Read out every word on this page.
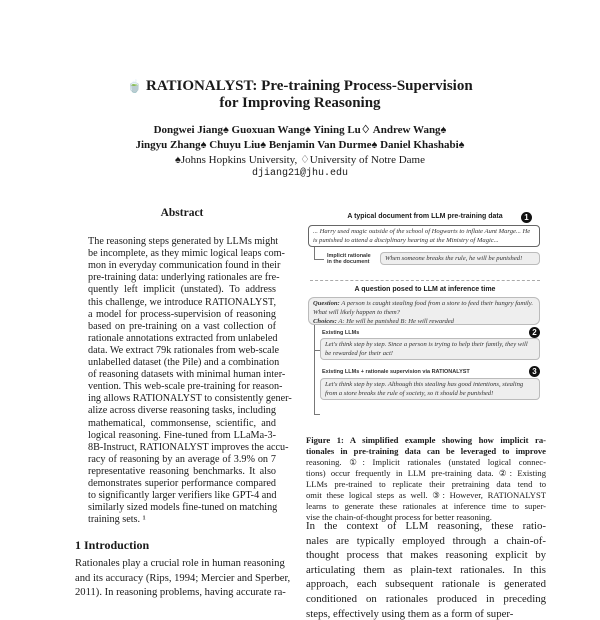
🍵 RATIONALYST: Pre-training Process-Supervision
for Improving Reasoning
Dongwei Jiang♠ Guoxuan Wang♠ Yining Lu♢ Andrew Wang♠
Jingyu Zhang♠ Chuyu Liu♠ Benjamin Van Durme♠ Daniel Khashabi♠
♠Johns Hopkins University, ♢University of Notre Dame
djiang21@jhu.edu
Abstract
The reasoning steps generated by LLMs might
be incomplete, as they mimic logical leaps com-
mon in everyday communication found in their
pre-training data: underlying rationales are fre-
quently left implicit (unstated). To address
this challenge, we introduce RATIONALYST,
a model for process-supervision of reasoning
based on pre-training on a vast collection of
rationale annotations extracted from unlabeled
data. We extract 79k rationales from web-scale
unlabelled dataset (the Pile) and a combination
of reasoning datasets with minimal human inter-
vention. This web-scale pre-training for reason-
ing allows RATIONALYST to consistently gener-
alize across diverse reasoning tasks, including
mathematical, commonsense, scientific, and
logical reasoning. Fine-tuned from LLaMa-3-
8B-Instruct, RATIONALYST improves the accu-
racy of reasoning by an average of 3.9% on 7
representative reasoning benchmarks. It also
demonstrates superior performance compared
to significantly larger verifiers like GPT-4 and
similarly sized models fine-tuned on matching
training sets. ¹
1 Introduction
Rationales play a crucial role in human reasoning
and its accuracy (Rips, 1994; Mercier and Sperber,
2011). In reasoning problems, having accurate ra-
A typical document from LLM pre-training data	1
... Harry used magic outside of the school of Hogwarts to inflate Aunt Marge... He is punished to attend a disciplinary hearing at the Ministry of Magic...
Implicit rationale in the document	When someone breaks the rule, he will be punished!
A question posed to LLM at inference time
Question: A person is caught stealing food from a store to feed their hungry family. What will likely happen to them?
Choices: A: He will be punished B: He will rewarded
Existing LLMs	2
Let's think step by step. Since a person is trying to help their family, they will be rewarded for their act!
Existing LLMs + rationale supervision via RATIONALYST	3
Let's think step by step. Although this stealing has good intentions, stealing from a store breaks the rule of society, so it should be punished!
Figure 1: A simplified example showing how implicit ra-
tionales in pre-training data can be leveraged to improve
reasoning. ①: Implicit rationales (unstated logical connec-
tions) occur frequently in LLM pre-training data. ②: Existing
LLMs pre-trained to replicate their pretraining data tend to
omit these logical steps as well. ③: However, RATIONALYST
learns to generate these rationales at inference time to super-
vise the chain-of-thought process for better reasoning.
In the context of LLM reasoning, these ratio-
nales are typically employed through a chain-of-
thought process that makes reasoning explicit by
articulating them as plain-text rationales. In this
approach, each subsequent rationale is generated
conditioned on rationales produced in preceding
steps, effectively using them as a form of super-
